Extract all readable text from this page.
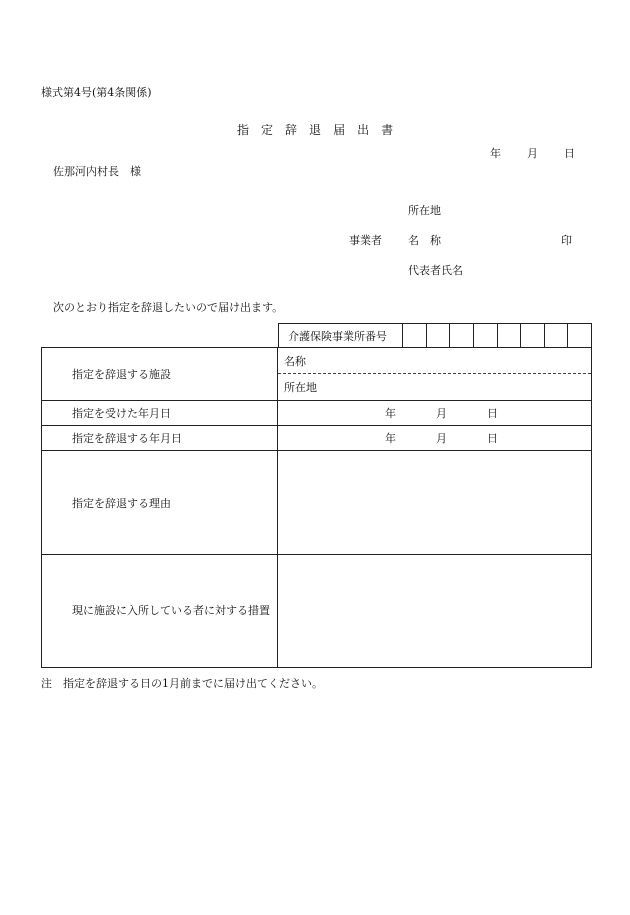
様式第4号(第4条関係)
指 定 辞 退 届 出 書
年 月 日
佐那河内村長　様
所在地
事業者 名　称	印
代表者氏名
次のとおり指定を辞退したいので届け出ます。
介護保険事業所番号
指定を辞退する施設	名称
所在地

指定を受けた年月日	年 月 日

指定を辞退する年月日	年 月 日

指定を辞退する理由	

現に施設に入所している者に対する措置	

注　指定を辞退する日の1月前までに届け出てください。
